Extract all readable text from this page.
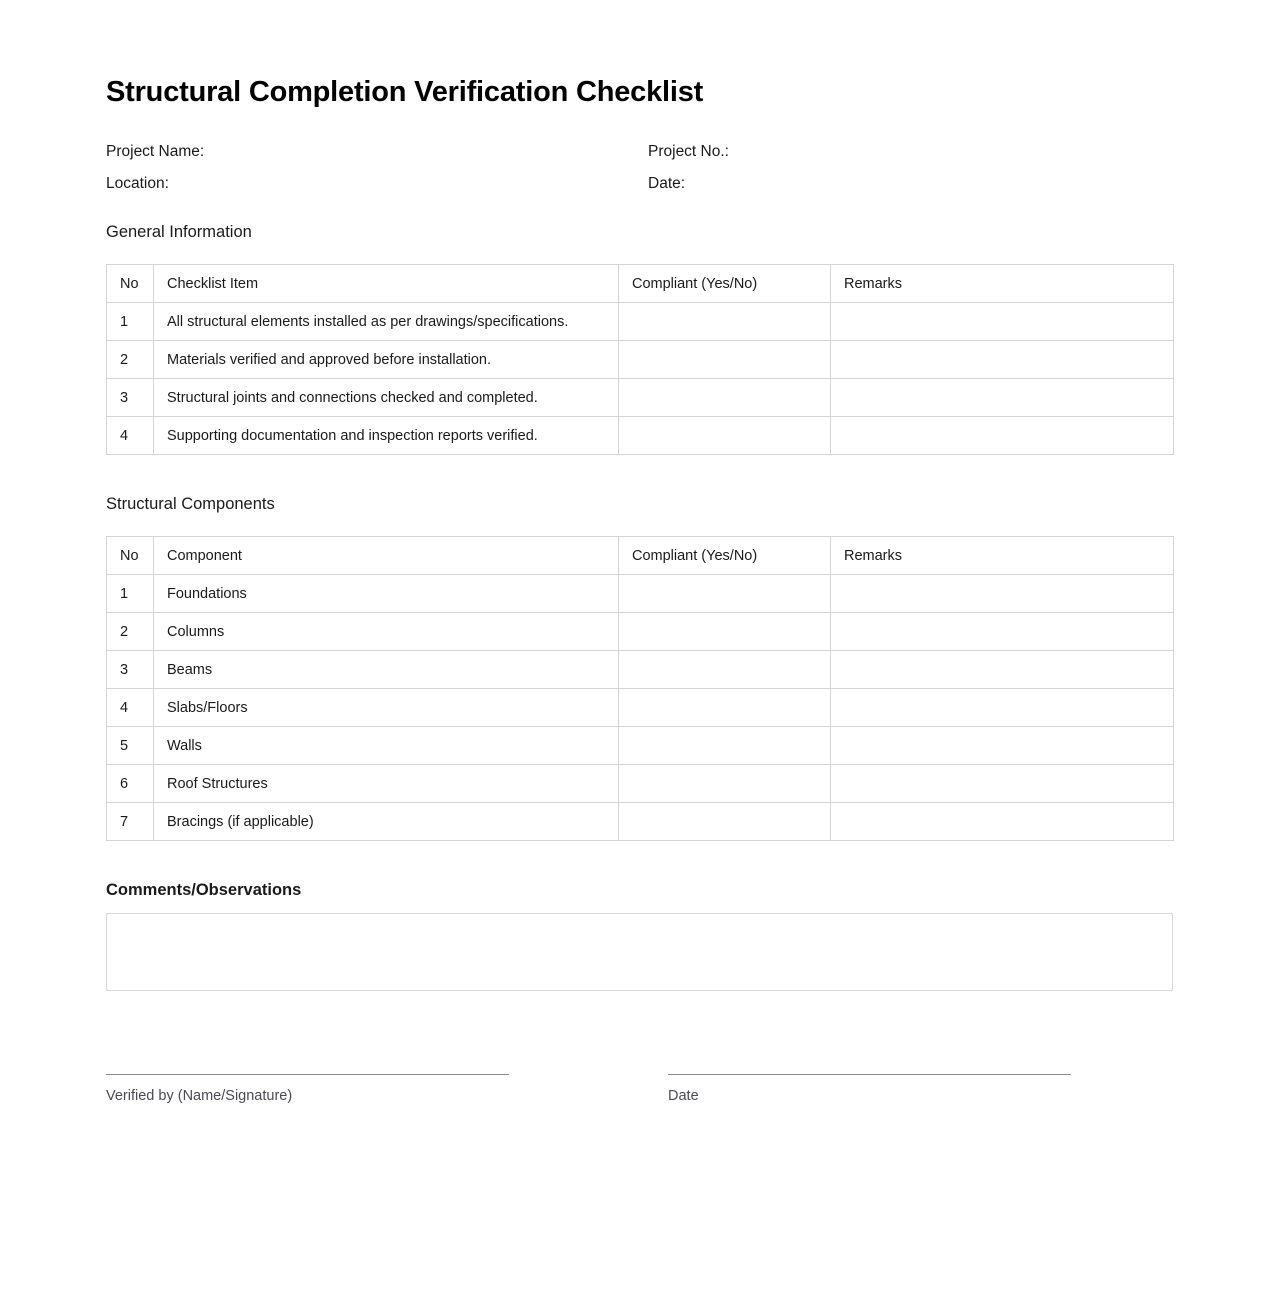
Structural Completion Verification Checklist
Project Name:	Project No.:
Location:	Date:
General Information
No	Checklist Item	Compliant (Yes/No)	Remarks
1	All structural elements installed as per drawings/specifications.		
2	Materials verified and approved before installation.		
3	Structural joints and connections checked and completed.		
4	Supporting documentation and inspection reports verified.		
Structural Components
No	Component	Compliant (Yes/No)	Remarks
1	Foundations		
2	Columns		
3	Beams		
4	Slabs/Floors		
5	Walls		
6	Roof Structures		
7	Bracings (if applicable)		
Comments/Observations
Verified by (Name/Signature)	Date
